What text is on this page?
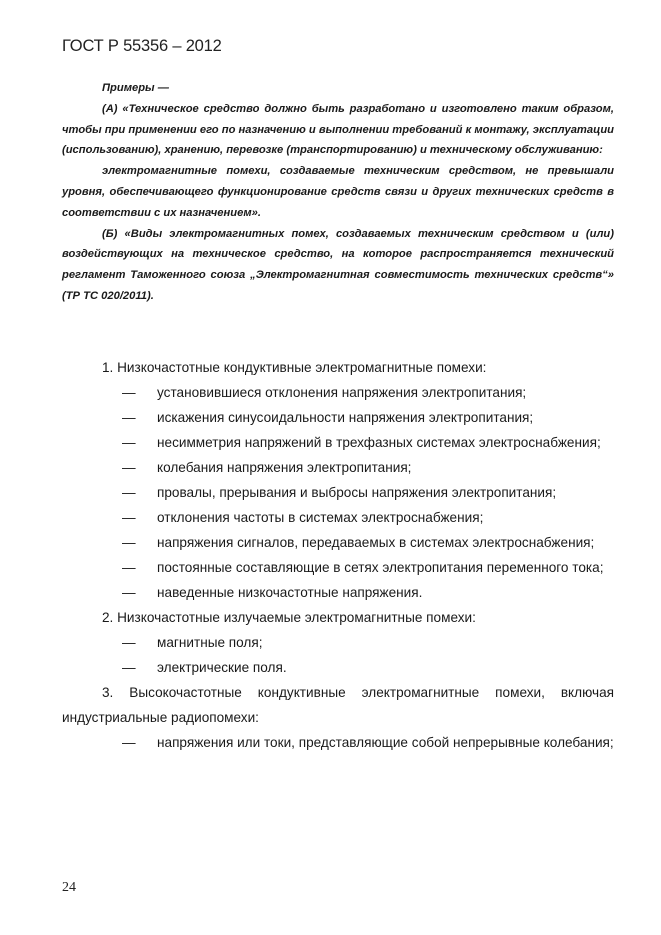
ГОСТ Р 55356 – 2012

Примеры —

(А) «Техническое средство должно быть разработано и изготовлено таким образом, чтобы при применении его по назначению и выполнении требований к монтажу, эксплуатации (использованию), хранению, перевозке (транспортированию) и техническому обслуживанию:

электромагнитные помехи, создаваемые техническим средством, не превышали уровня, обеспечивающего функционирование средств связи и других технических средств в соответствии с их назначением».

(Б) «Виды электромагнитных помех, создаваемых техническим средством и (или) воздействующих на техническое средство, на которое распространяется технический регламент Таможенного союза „Электромагнитная совместимость технических средств“» (ТР ТС 020/2011).

1. Низкочастотные кондуктивные электромагнитные помехи:

— установившиеся отклонения напряжения электропитания;
— искажения синусоидальности напряжения электропитания;
— несимметрия напряжений в трехфазных системах электроснабжения;
— колебания напряжения электропитания;
— провалы, прерывания и выбросы напряжения электропитания;
— отклонения частоты в системах электроснабжения;
— напряжения сигналов, передаваемых в системах электроснабжения;
— постоянные составляющие в сетях электропитания переменного тока;
— наведенные низкочастотные напряжения.

2. Низкочастотные излучаемые электромагнитные помехи:

— магнитные поля;
— электрические поля.

3. Высокочастотные кондуктивные электромагнитные помехи, включая индустриальные радиопомехи:

— напряжения или токи, представляющие собой непрерывные колебания;
24
